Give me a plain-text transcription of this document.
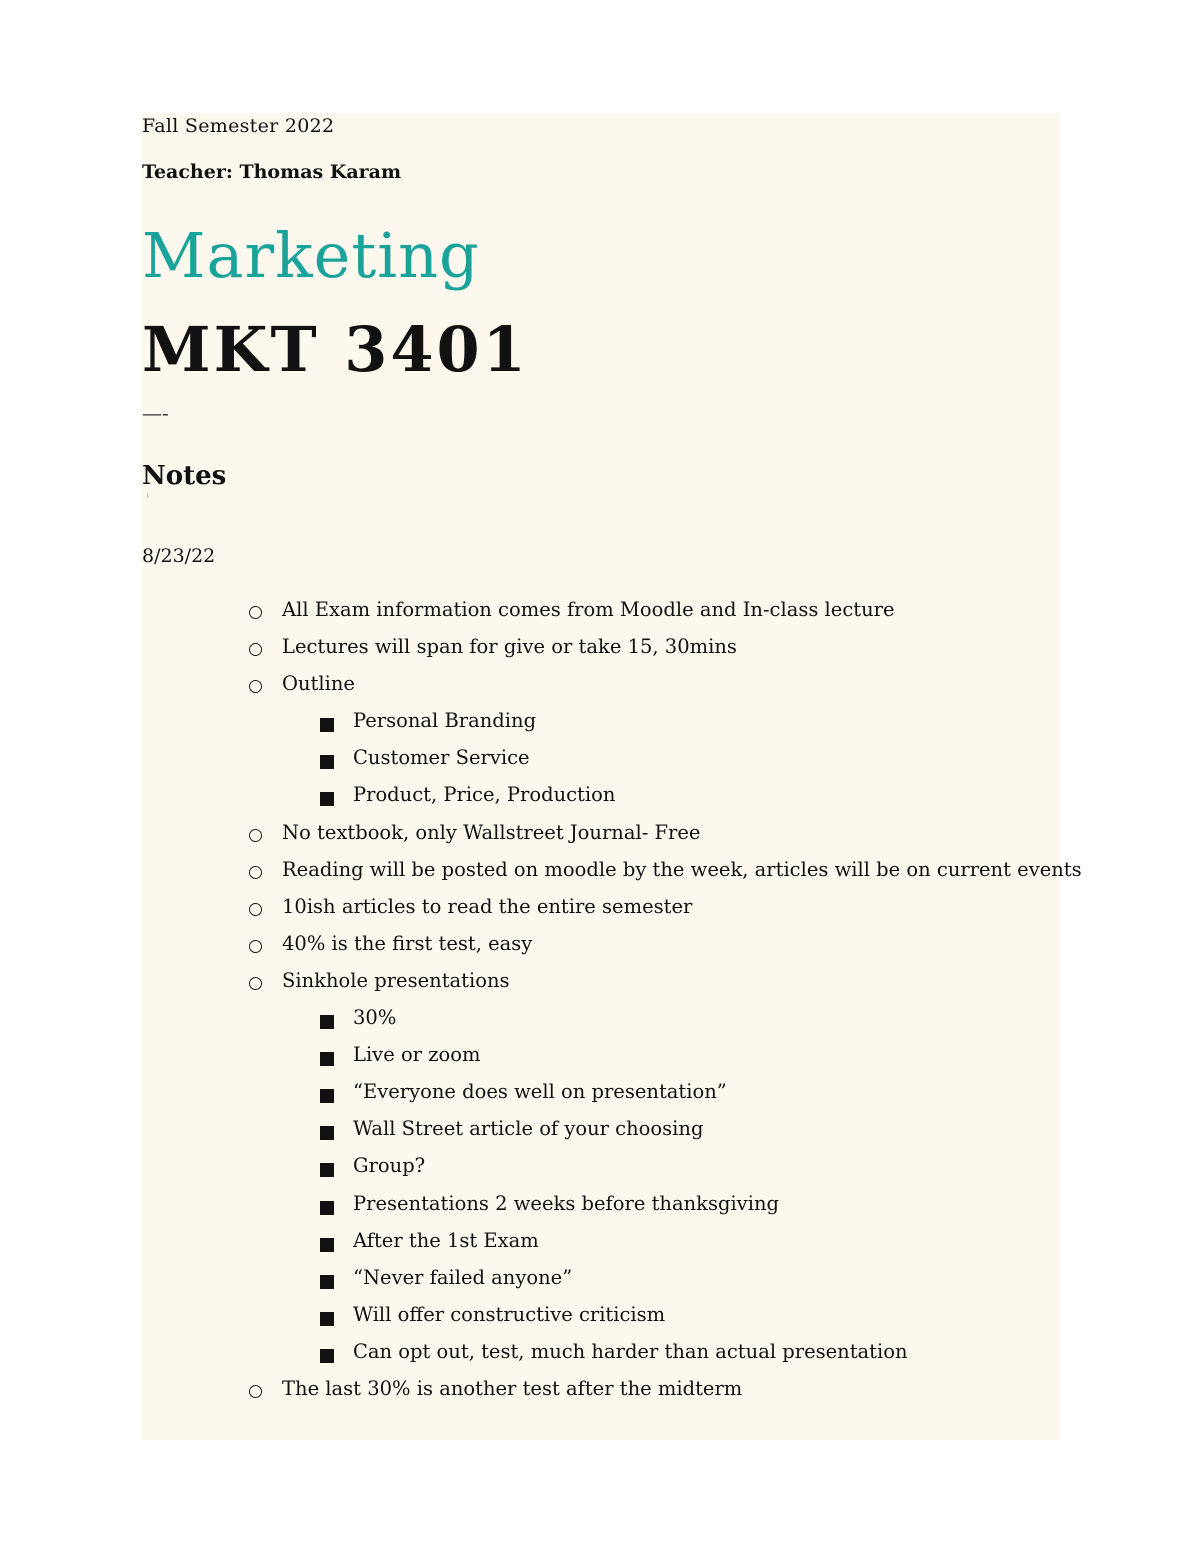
Fall Semester 2022
Teacher: Thomas Karam
Marketing
MKT 3401
—-
Notes
8/23/22
All Exam information comes from Moodle and In-class lecture
Lectures will span for give or take 15, 30mins
Outline
Personal Branding
Customer Service
Product, Price, Production
No textbook, only Wallstreet Journal- Free
Reading will be posted on moodle by the week, articles will be on current events
10ish articles to read the entire semester
40% is the first test, easy
Sinkhole presentations
30%
Live or zoom
“Everyone does well on presentation”
Wall Street article of your choosing
Group?
Presentations 2 weeks before thanksgiving
After the 1st Exam
“Never failed anyone”
Will offer constructive criticism
Can opt out, test, much harder than actual presentation
The last 30% is another test after the midterm
